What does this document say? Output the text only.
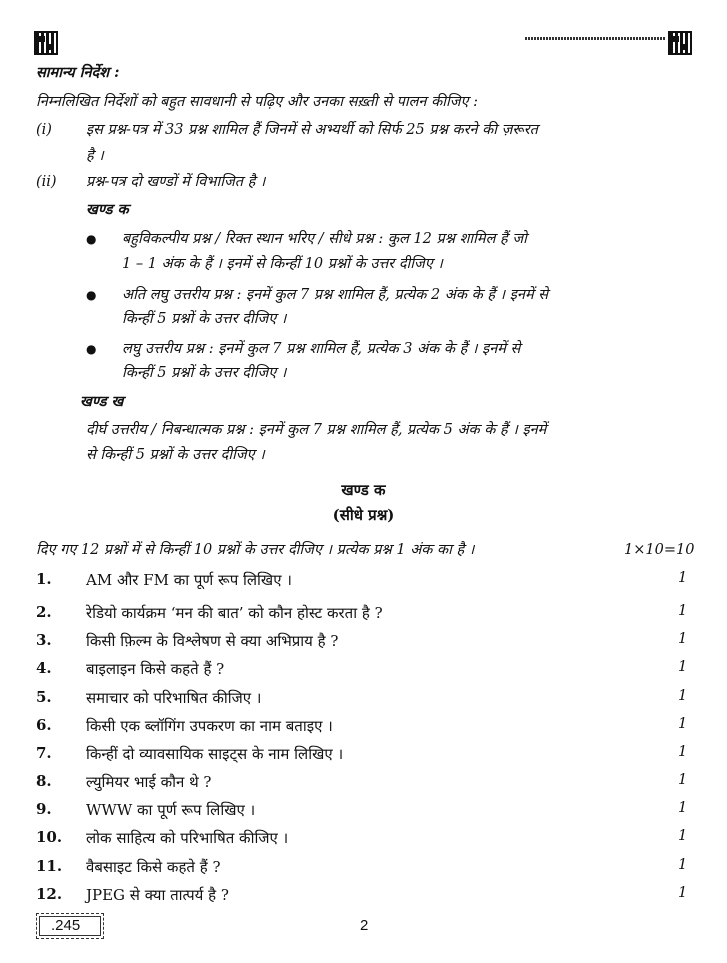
सामान्य निर्देश :
निम्नलिखित निर्देशों को बहुत सावधानी से पढ़िए और उनका सख़्ती से पालन कीजिए :
(i) इस प्रश्न-पत्र में 33 प्रश्न शामिल हैं जिनमें से अभ्यर्थी को सिर्फ 25 प्रश्न करने की ज़रूरत
है ।
(ii) प्रश्न-पत्र दो खण्डों में विभाजित है ।
खण्ड क
● बहुविकल्पीय प्रश्न / रिक्त स्थान भरिए / सीधे प्रश्न : कुल 12 प्रश्न शामिल हैं जो
1 – 1 अंक के हैं । इनमें से किन्हीं 10 प्रश्नों के उत्तर दीजिए ।
● अति लघु उत्तरीय प्रश्न : इनमें कुल 7 प्रश्न शामिल हैं, प्रत्येक 2 अंक के हैं । इनमें से
किन्हीं 5 प्रश्नों के उत्तर दीजिए ।
● लघु उत्तरीय प्रश्न : इनमें कुल 7 प्रश्न शामिल हैं, प्रत्येक 3 अंक के हैं । इनमें से
किन्हीं 5 प्रश्नों के उत्तर दीजिए ।
खण्ड ख
दीर्घ उत्तरीय / निबन्धात्मक प्रश्न : इनमें कुल 7 प्रश्न शामिल हैं, प्रत्येक 5 अंक के हैं । इनमें
से किन्हीं 5 प्रश्नों के उत्तर दीजिए ।
खण्ड क
(सीधे प्रश्न)
दिए गए 12 प्रश्नों में से किन्हीं 10 प्रश्नों के उत्तर दीजिए । प्रत्येक प्रश्न 1 अंक का है ।	1×10=10
1. AM और FM का पूर्ण रूप लिखिए ।	1
2. रेडियो कार्यक्रम ‘मन की बात’ को कौन होस्ट करता है ?	1
3. किसी फ़िल्म के विश्लेषण से क्या अभिप्राय है ?	1
4. बाइलाइन किसे कहते हैं ?	1
5. समाचार को परिभाषित कीजिए ।	1
6. किसी एक ब्लॉगिंग उपकरण का नाम बताइए ।	1
7. किन्हीं दो व्यावसायिक साइट्स के नाम लिखिए ।	1
8. ल्युमियर भाई कौन थे ?	1
9. WWW का पूर्ण रूप लिखिए ।	1
10. लोक साहित्य को परिभाषित कीजिए ।	1
11. वैबसाइट किसे कहते हैं ?	1
12. JPEG से क्या तात्पर्य है ?	1
.245	2
